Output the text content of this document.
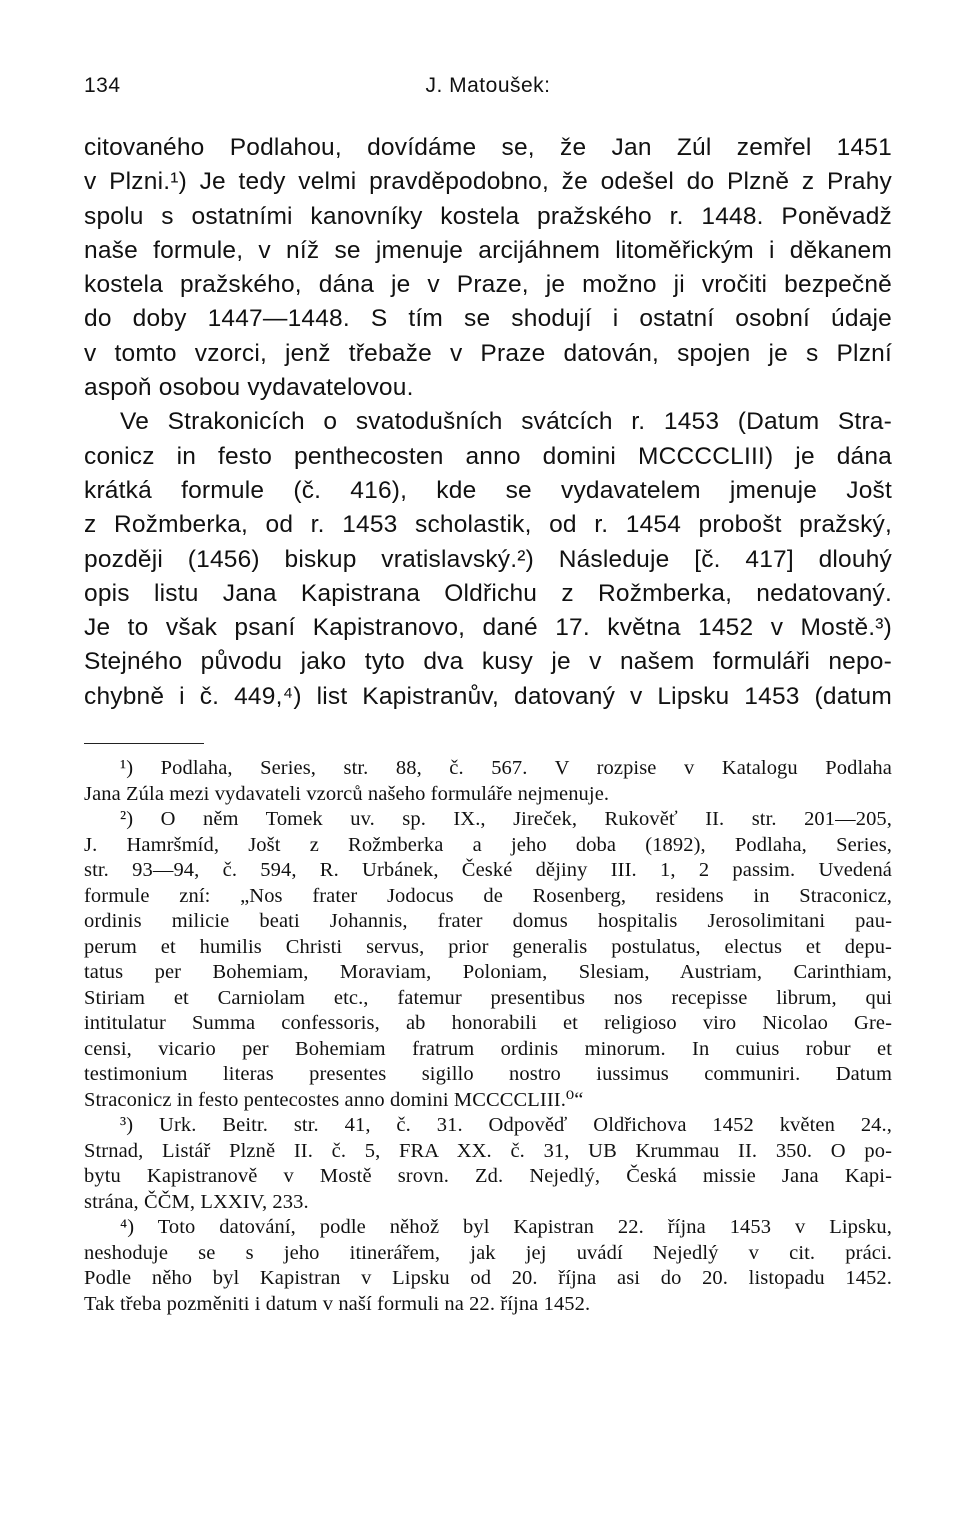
134	J. Matoušek:
citovaného Podlahou, dovídáme se, že Jan Zúl zemřel 1451
v Plzni.¹) Je tedy velmi pravděpodobno, že odešel do Plzně z Prahy
spolu s ostatními kanovníky kostela pražského r. 1448. Poněvadž
naše formule, v níž se jmenuje arcijáhnem litoměřickým i děkanem
kostela pražského, dána je v Praze, je možno ji vročiti bezpečně
do doby 1447—1448. S tím se shodují i ostatní osobní údaje
v tomto vzorci, jenž třebaže v Praze datován, spojen je s Plzní
aspoň osobou vydavatelovou.
Ve Strakonicích o svatodušních svátcích r. 1453 (Datum Stra-
conicz in festo penthecosten anno domini MCCCCLIII) je dána
krátká formule (č. 416), kde se vydavatelem jmenuje Jošt
z Rožmberka, od r. 1453 scholastik, od r. 1454 probošt pražský,
později (1456) biskup vratislavský.²) Následuje [č. 417] dlouhý
opis listu Jana Kapistrana Oldřichu z Rožmberka, nedatovaný.
Je to však psaní Kapistranovo, dané 17. května 1452 v Mostě.³)
Stejného původu jako tyto dva kusy je v našem formuláři nepo-
chybně i č. 449,⁴) list Kapistranův, datovaný v Lipsku 1453 (datum
¹) Podlaha, Series, str. 88, č. 567. V rozpise v Katalogu Podlaha
Jana Zúla mezi vydavateli vzorců našeho formuláře nejmenuje.
²) O něm Tomek uv. sp. IX., Jireček, Rukověť II. str. 201—205,
J. Hamršmíd, Jošt z Rožmberka a jeho doba (1892), Podlaha, Series,
str. 93—94, č. 594, R. Urbánek, České dějiny III. 1, 2 passim. Uvedená
formule zní: „Nos frater Jodocus de Rosenberg, residens in Straconicz,
ordinis milicie beati Johannis, frater domus hospitalis Jerosolimitani pau-
perum et humilis Christi servus, prior generalis postulatus, electus et depu-
tatus per Bohemiam, Moraviam, Poloniam, Slesiam, Austriam, Carinthiam,
Stiriam et Carniolam etc., fatemur presentibus nos recepisse librum, qui
intitulatur Summa confessoris, ab honorabili et religioso viro Nicolao Gre-
censi, vicario per Bohemiam fratrum ordinis minorum. In cuius robur et
testimonium literas presentes sigillo nostro iussimus communiri. Datum
Straconicz in festo pentecostes anno domini MCCCCLIII.⁰“
³) Urk. Beitr. str. 41, č. 31. Odpověď Oldřichova 1452 květen 24.,
Strnad, Listář Plzně II. č. 5, FRA XX. č. 31, UB Krummau II. 350. O po-
bytu Kapistranově v Mostě srovn. Zd. Nejedlý, Česká missie Jana Kapi-
strána, ČČM, LXXIV, 233.
⁴) Toto datování, podle něhož byl Kapistran 22. října 1453 v Lipsku,
neshoduje se s jeho itinerářem, jak jej uvádí Nejedlý v cit. práci.
Podle něho byl Kapistran v Lipsku od 20. října asi do 20. listopadu 1452.
Tak třeba pozměniti i datum v naší formuli na 22. října 1452.
